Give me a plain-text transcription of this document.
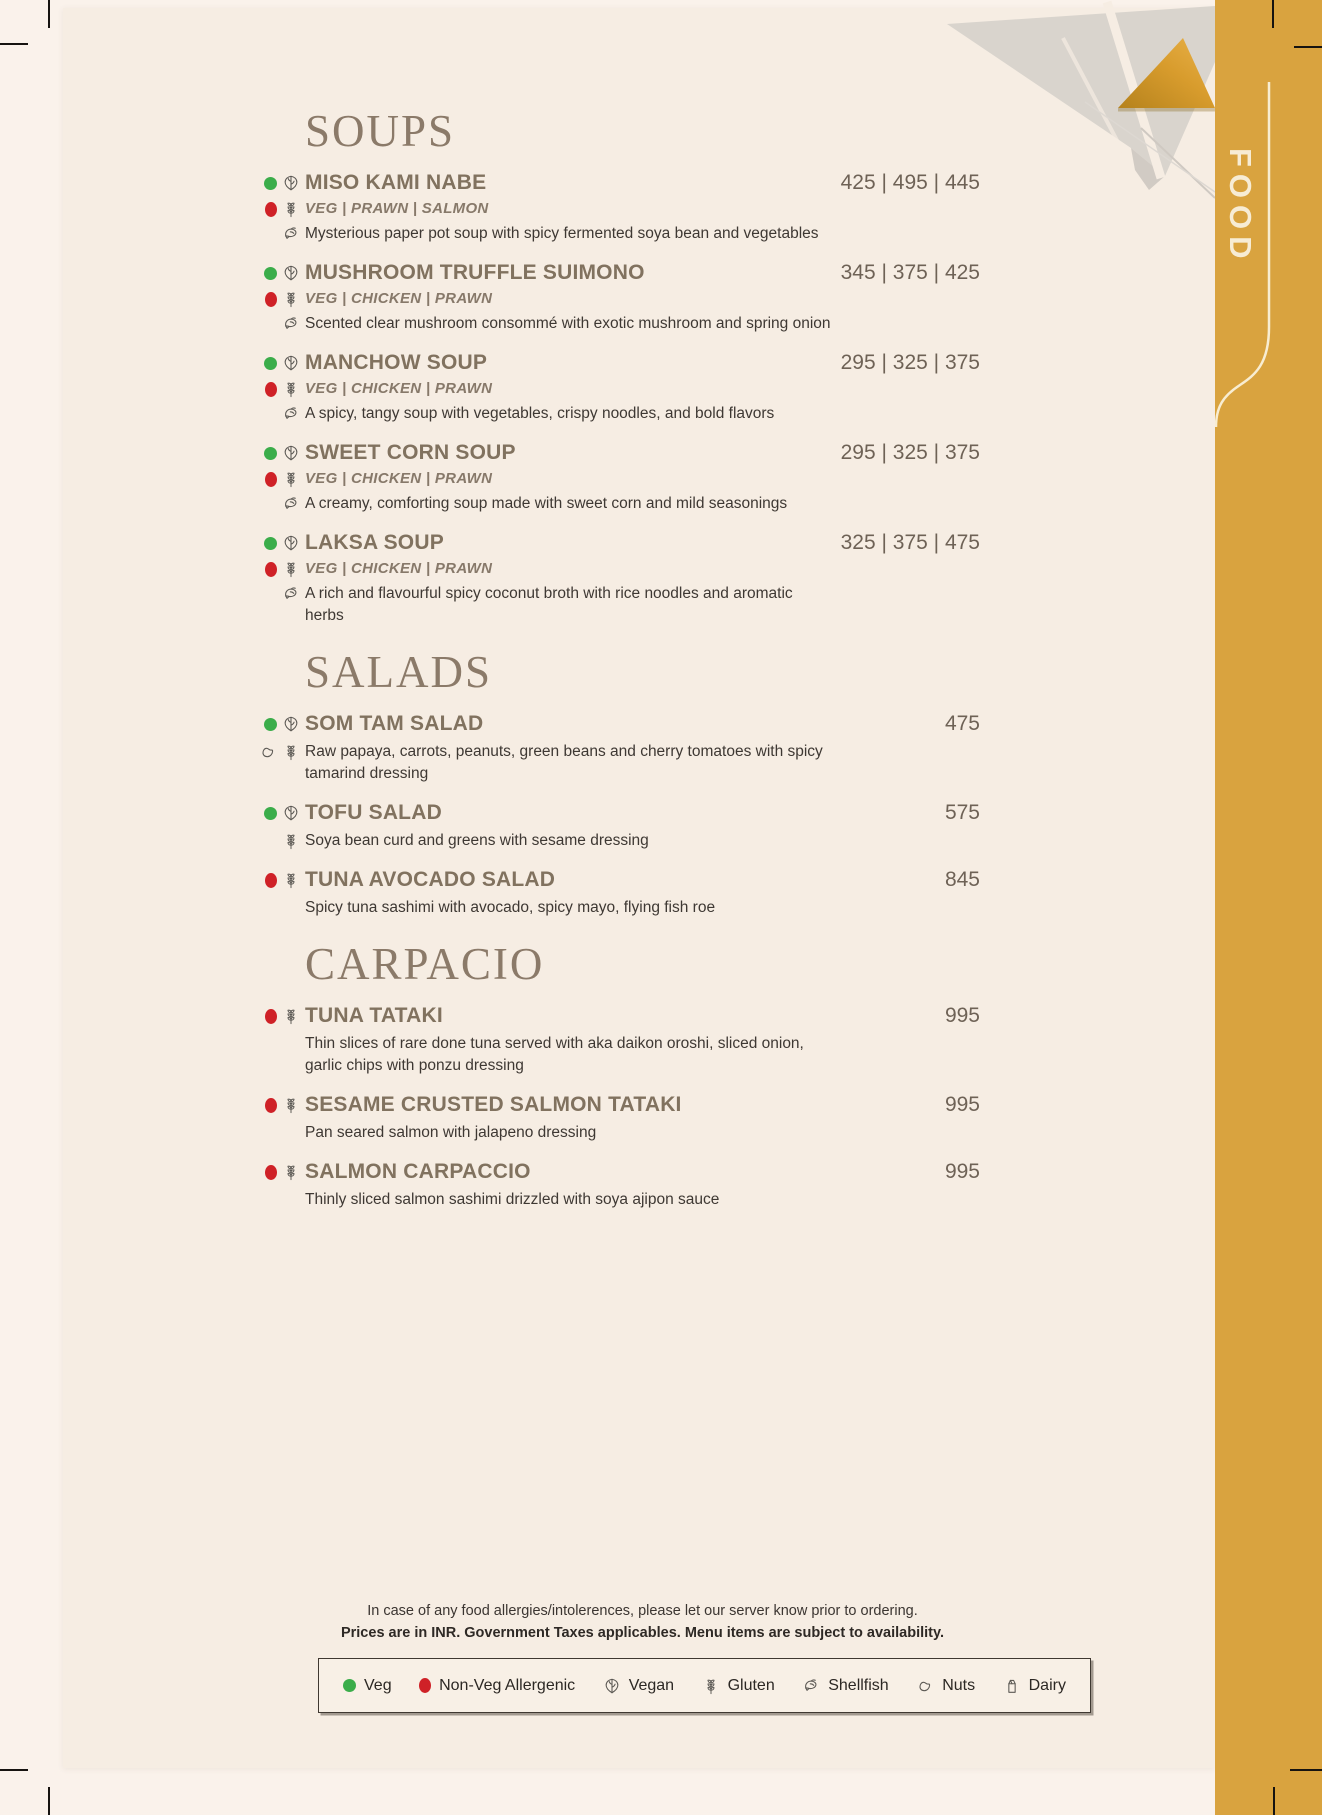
SOUPS
MISO KAMI NABE	425 | 495 | 445
VEG | PRAWN | SALMON
Mysterious paper pot soup with spicy fermented soya bean and vegetables
MUSHROOM TRUFFLE SUIMONO	345 | 375 | 425
VEG | CHICKEN | PRAWN
Scented clear mushroom consommé with exotic mushroom and spring onion
MANCHOW SOUP	295 | 325 | 375
VEG | CHICKEN | PRAWN
A spicy, tangy soup with vegetables, crispy noodles, and bold flavors
SWEET CORN SOUP	295 | 325 | 375
VEG | CHICKEN | PRAWN
A creamy, comforting soup made with sweet corn and mild seasonings
LAKSA SOUP	325 | 375 | 475
VEG | CHICKEN | PRAWN
A rich and flavourful spicy coconut broth with rice noodles and aromatic herbs
SALADS
SOM TAM SALAD	475
Raw papaya, carrots, peanuts, green beans and cherry tomatoes with spicy tamarind dressing
TOFU SALAD	575
Soya bean curd and greens with sesame dressing
TUNA AVOCADO SALAD	845
Spicy tuna sashimi with avocado, spicy mayo, flying fish roe
CARPACIO
TUNA TATAKI	995
Thin slices of rare done tuna served with aka daikon oroshi, sliced onion, garlic chips with ponzu dressing
SESAME CRUSTED SALMON TATAKI	995
Pan seared salmon with jalapeno dressing
SALMON CARPACCIO	995
Thinly sliced salmon sashimi drizzled with soya ajipon sauce
In case of any food allergies/intolerences, please let our server know prior to ordering.
Prices are in INR. Government Taxes applicables. Menu items are subject to availability.
Veg	Non-Veg Allergenic	Vegan	Gluten	Shellfish	Nuts	Dairy
FOOD
